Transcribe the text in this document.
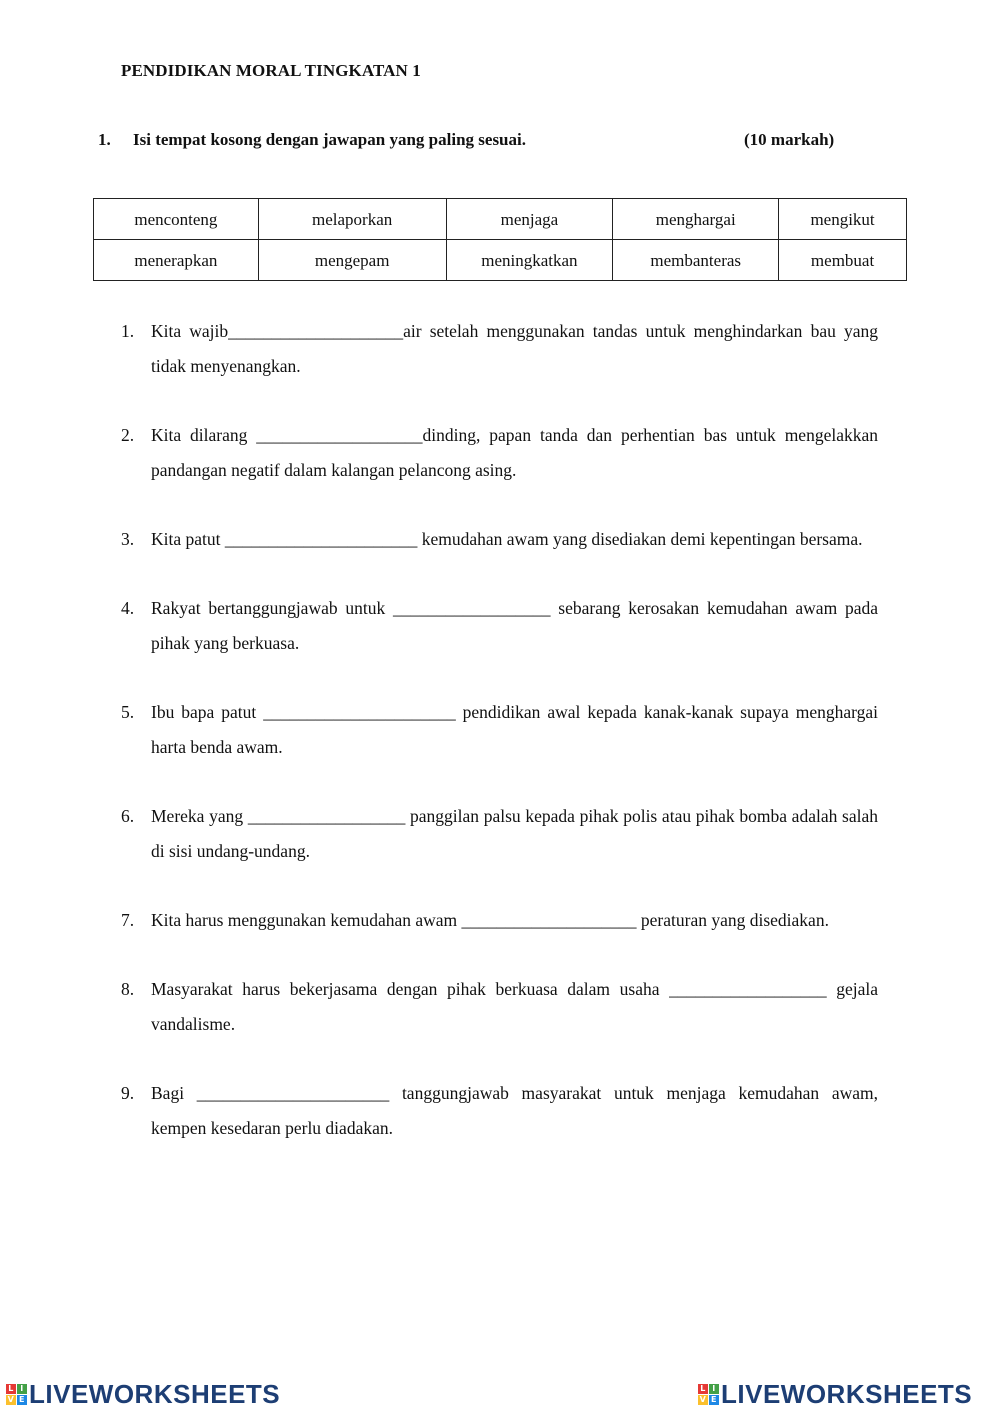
PENDIDIKAN MORAL TINGKATAN 1
1. Isi tempat kosong dengan jawapan yang paling sesuai.	(10 markah)
menconteng	melaporkan	menjaga	menghargai	mengikut
menerapkan	mengepam	meningkatkan	membanteras	membuat
1. Kita wajib____________________air setelah menggunakan tandas untuk menghindarkan bau yang tidak menyenangkan.
2. Kita dilarang ___________________dinding, papan tanda dan perhentian bas untuk mengelakkan pandangan negatif dalam kalangan pelancong asing.
3. Kita patut ______________________ kemudahan awam yang disediakan demi kepentingan bersama.
4. Rakyat bertanggungjawab untuk __________________ sebarang kerosakan kemudahan awam pada pihak yang berkuasa.
5. Ibu bapa patut ______________________ pendidikan awal kepada kanak-kanak supaya menghargai harta benda awam.
6. Mereka yang __________________ panggilan palsu kepada pihak polis atau pihak bomba adalah salah di sisi undang-undang.
7. Kita harus menggunakan kemudahan awam ____________________ peraturan yang disediakan.
8. Masyarakat harus bekerjasama dengan pihak berkuasa dalam usaha __________________ gejala vandalisme.
9. Bagi ______________________ tanggungjawab masyarakat untuk menjaga kemudahan awam, kempen kesedaran perlu diadakan.
L I
V E LIVEWORKSHEETS	L I
V E LIVEWORKSHEETS
